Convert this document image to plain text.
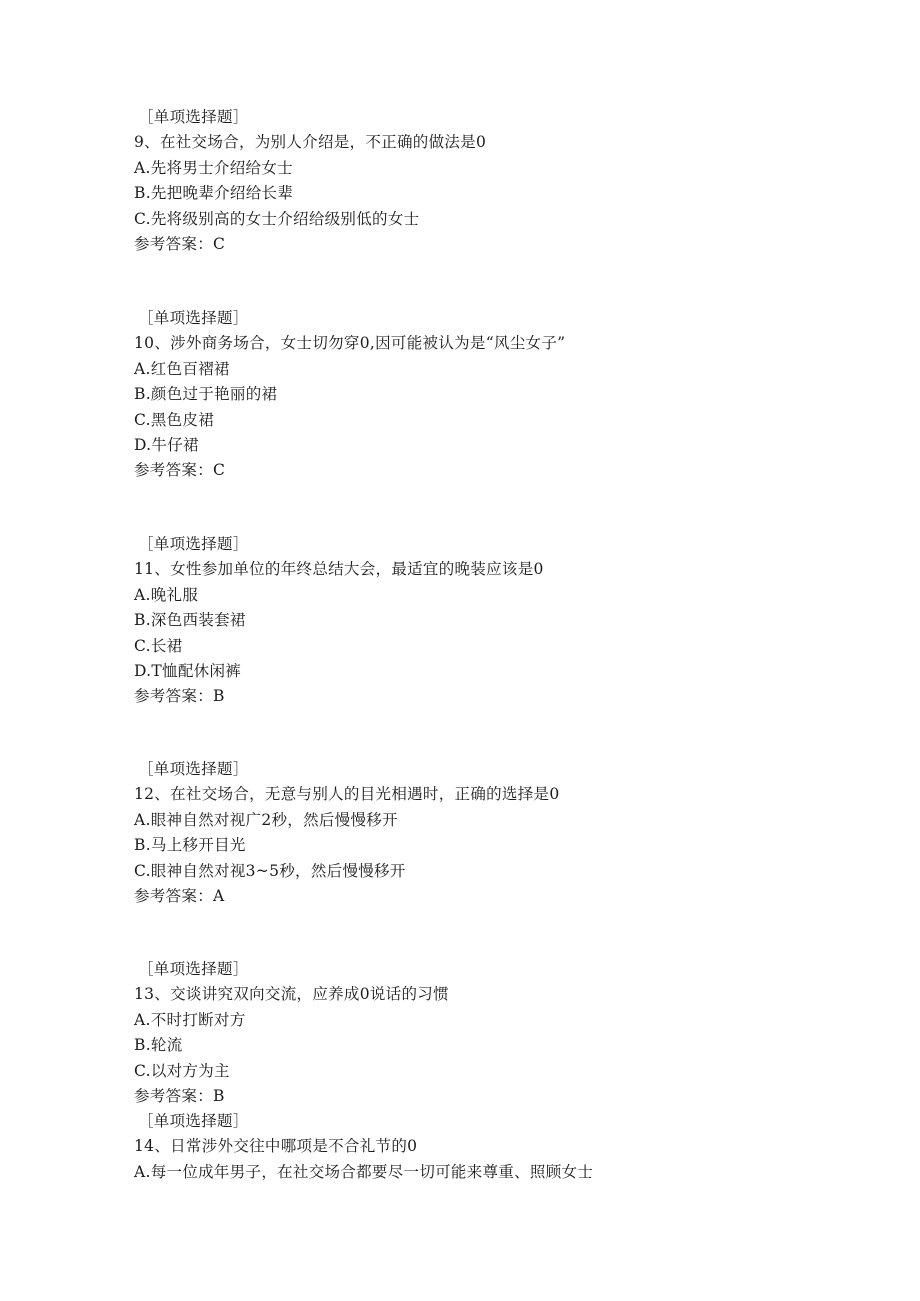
［单项选择题］
9、在社交场合，为别人介绍是，不正确的做法是0
A.先将男士介绍给女士
B.先把晚辈介绍给长辈
C.先将级别高的女士介绍给级别低的女士
参考答案：C
［单项选择题］
10、涉外商务场合，女士切勿穿0,因可能被认为是“风尘女子”
A.红色百褶裙
B.颜色过于艳丽的裙
C.黑色皮裙
D.牛仔裙
参考答案：C
［单项选择题］
11、女性参加单位的年终总结大会，最适宜的晚装应该是0
A.晚礼服
B.深色西装套裙
C.长裙
D.T恤配休闲裤
参考答案：B
［单项选择题］
12、在社交场合，无意与别人的目光相遇时，正确的选择是0
A.眼神自然对视广2秒，然后慢慢移开
B.马上移开目光
C.眼神自然对视3~5秒，然后慢慢移开
参考答案：A
［单项选择题］
13、交谈讲究双向交流，应养成0说话的习惯
A.不时打断对方
B.轮流
C.以对方为主
参考答案：B
［单项选择题］
14、日常涉外交往中哪项是不合礼节的0
A.每一位成年男子，在社交场合都要尽一切可能来尊重、照顾女士
